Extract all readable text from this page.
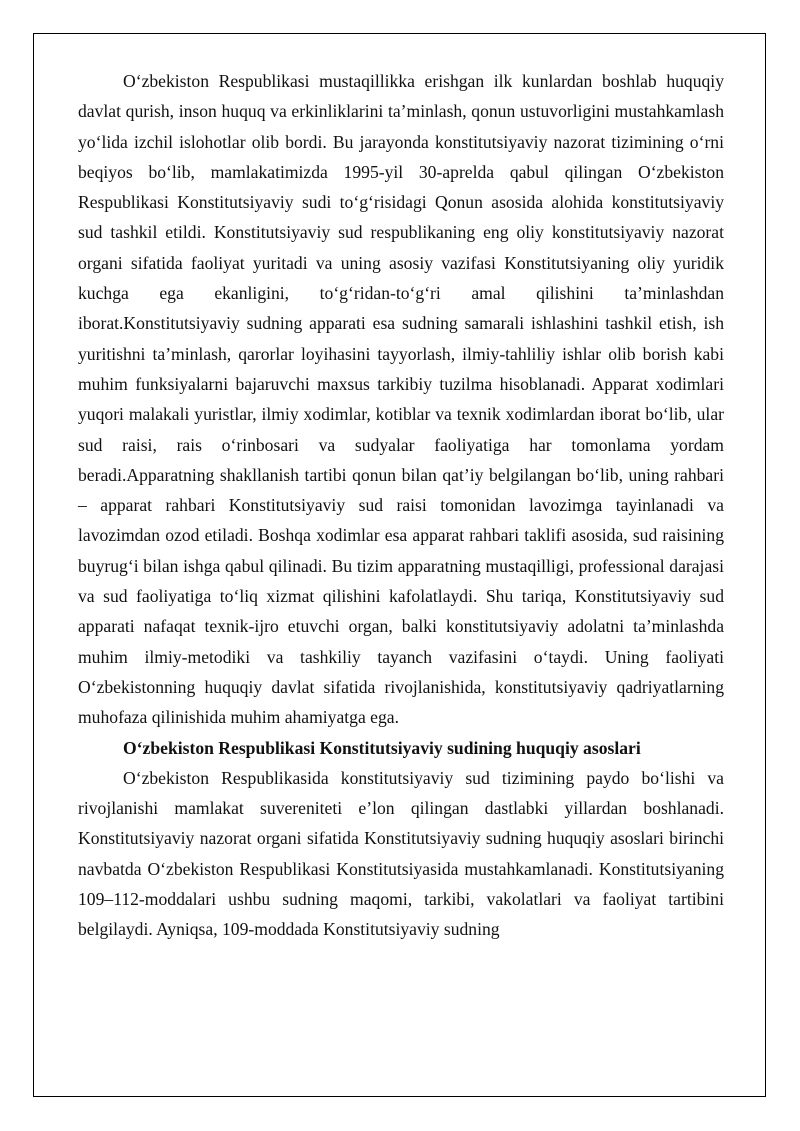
O‘zbekiston Respublikasi mustaqillikka erishgan ilk kunlardan boshlab huquqiy davlat qurish, inson huquq va erkinliklarini ta’minlash, qonun ustuvorligini mustahkamlash yo‘lida izchil islohotlar olib bordi. Bu jarayonda konstitutsiyaviy nazorat tizimining o‘rni beqiyos bo‘lib, mamlakatimizda 1995-yil 30-aprelda qabul qilingan O‘zbekiston Respublikasi Konstitutsiyaviy sudi to‘g‘risidagi Qonun asosida alohida konstitutsiyaviy sud tashkil etildi. Konstitutsiyaviy sud respublikaning eng oliy konstitutsiyaviy nazorat organi sifatida faoliyat yuritadi va uning asosiy vazifasi Konstitutsiyaning oliy yuridik kuchga ega ekanligini, to‘g‘ridan-to‘g‘ri amal qilishini ta’minlashdan iborat.Konstitutsiyaviy sudning apparati esa sudning samarali ishlashini tashkil etish, ish yuritishni ta’minlash, qarorlar loyihasini tayyorlash, ilmiy-tahliliy ishlar olib borish kabi muhim funksiyalarni bajaruvchi maxsus tarkibiy tuzilma hisoblanadi. Apparat xodimlari yuqori malakali yuristlar, ilmiy xodimlar, kotiblar va texnik xodimlardan iborat bo‘lib, ular sud raisi, rais o‘rinbosari va sudyalar faoliyatiga har tomonlama yordam beradi.Apparatning shakllanish tartibi qonun bilan qat’iy belgilangan bo‘lib, uning rahbari – apparat rahbari Konstitutsiyaviy sud raisi tomonidan lavozimga tayinlanadi va lavozimdan ozod etiladi. Boshqa xodimlar esa apparat rahbari taklifi asosida, sud raisining buyrug‘i bilan ishga qabul qilinadi. Bu tizim apparatning mustaqilligi, professional darajasi va sud faoliyatiga to‘liq xizmat qilishini kafolatlaydi. Shu tariqa, Konstitutsiyaviy sud apparati nafaqat texnik-ijro etuvchi organ, balki konstitutsiyaviy adolatni ta’minlashda muhim ilmiy-metodiki va tashkiliy tayanch vazifasini o‘taydi. Uning faoliyati O‘zbekistonning huquqiy davlat sifatida rivojlanishida, konstitutsiyaviy qadriyatlarning muhofaza qilinishida muhim ahamiyatga ega.

O‘zbekiston Respublikasi Konstitutsiyaviy sudining huquqiy asoslari

O‘zbekiston Respublikasida konstitutsiyaviy sud tizimining paydo bo‘lishi va rivojlanishi mamlakat suvereniteti e’lon qilingan dastlabki yillardan boshlanadi. Konstitutsiyaviy nazorat organi sifatida Konstitutsiyaviy sudning huquqiy asoslari birinchi navbatda O‘zbekiston Respublikasi Konstitutsiyasida mustahkamlanadi. Konstitutsiyaning 109–112-moddalari ushbu sudning maqomi, tarkibi, vakolatlari va faoliyat tartibini belgilaydi. Ayniqsa, 109-moddada Konstitutsiyaviy sudning
